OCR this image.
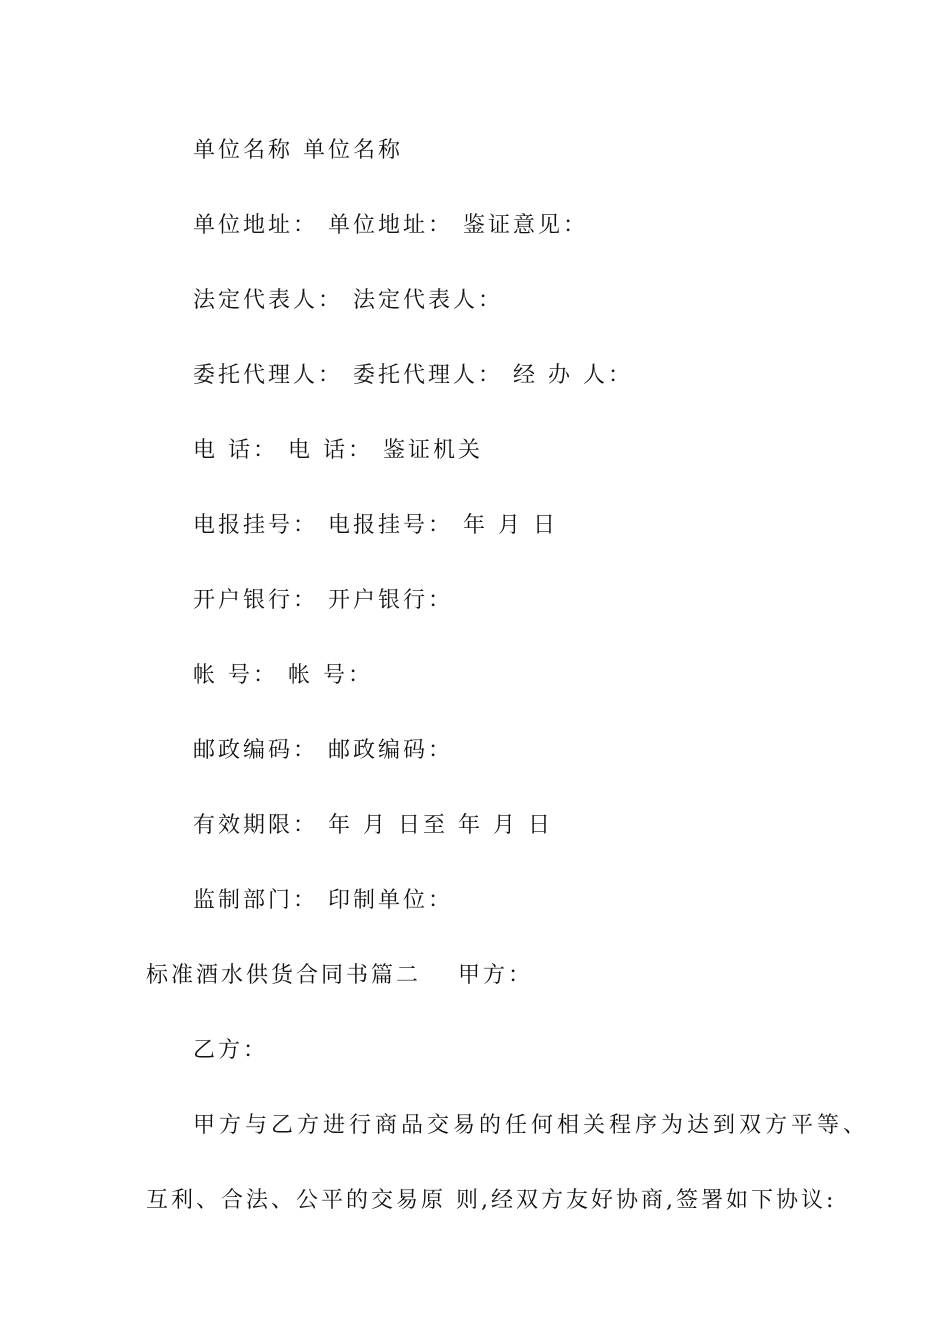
单位名称 单位名称
单位地址： 单位地址： 鉴证意见：
法定代表人： 法定代表人：
委托代理人： 委托代理人： 经 办 人：
电 话： 电 话： 鉴证机关
电报挂号： 电报挂号： 年 月 日
开户银行： 开户银行：
帐 号： 帐 号：
邮政编码： 邮政编码：
有效期限： 年 月 日至 年 月 日
监制部门： 印制单位：
标准酒水供货合同书篇二 甲方：
乙方：
甲方与乙方进行商品交易的任何相关程序为达到双方平等、
互利、合法、公平的交易原 则,经双方友好协商,签署如下协议:
